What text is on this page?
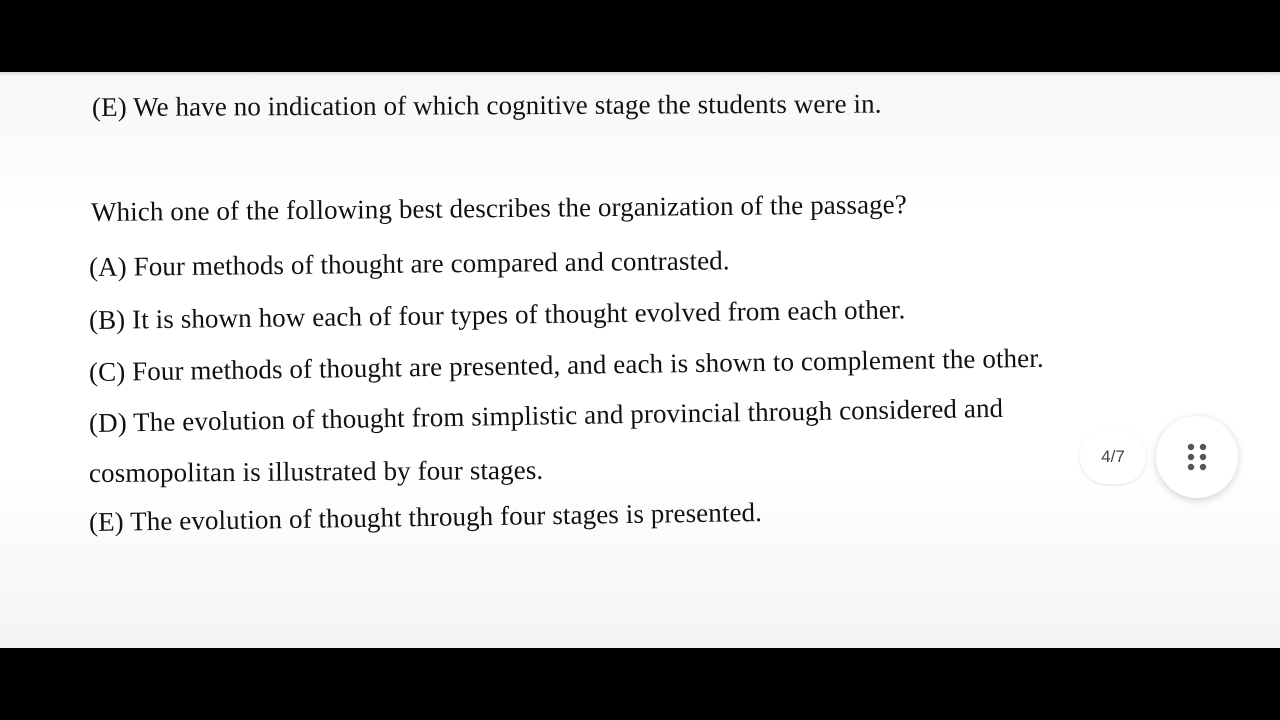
(E) We have no indication of which cognitive stage the students were in.
Which one of the following best describes the organization of the passage?
(A) Four methods of thought are compared and contrasted.
(B) It is shown how each of four types of thought evolved from each other.
(C) Four methods of thought are presented, and each is shown to complement the other.
(D) The evolution of thought from simplistic and provincial through considered and
cosmopolitan is illustrated by four stages.
(E) The evolution of thought through four stages is presented.
4/7
